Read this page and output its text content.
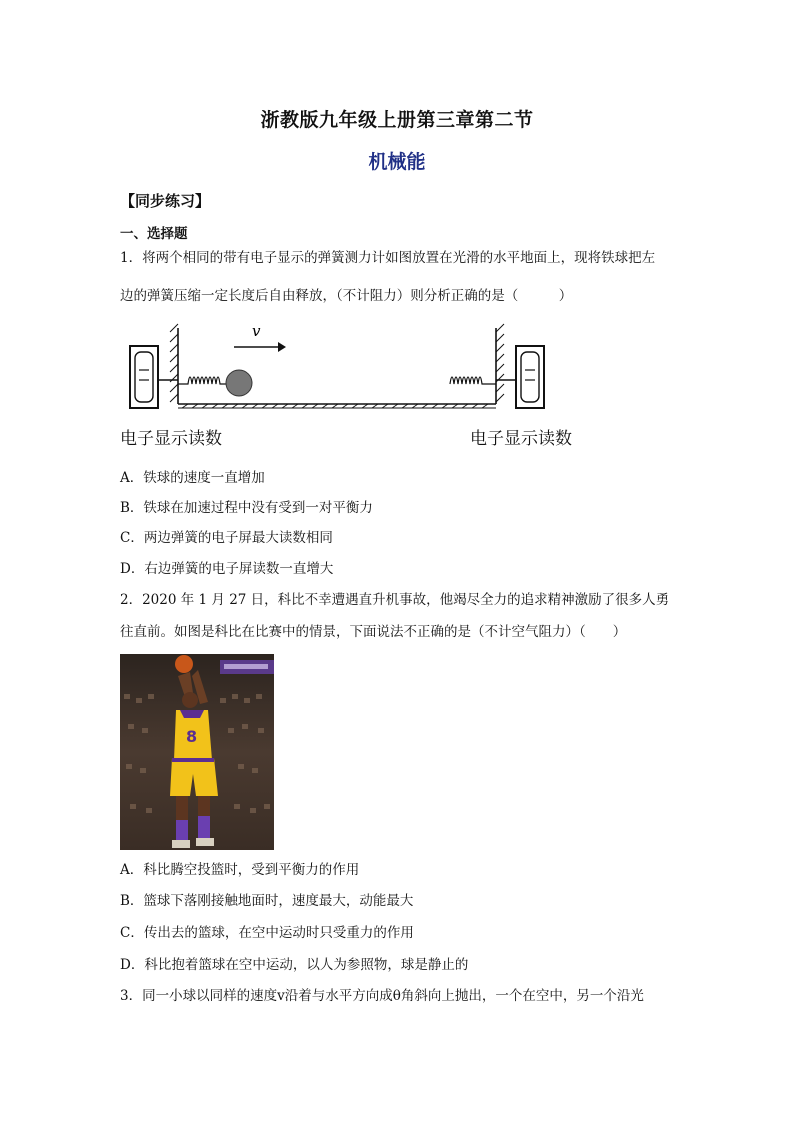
浙教版九年级上册第三章第二节
机械能
【同步练习】
一、选择题
1．将两个相同的带有电子显示的弹簧测力计如图放置在光滑的水平地面上，现将铁球把左
边的弹簧压缩一定长度后自由释放，（不计阻力）则分析正确的是（　　　）
v
电子显示读数	电子显示读数
A．铁球的速度一直增加
B．铁球在加速过程中没有受到一对平衡力
C．两边弹簧的电子屏最大读数相同
D．右边弹簧的电子屏读数一直增大
2．2020 年 1 月 27 日，科比不幸遭遇直升机事故，他竭尽全力的追求精神激励了很多人勇
往直前。如图是科比在比赛中的情景，下面说法不正确的是（不计空气阻力）（　　）
8
A．科比腾空投篮时，受到平衡力的作用
B．篮球下落刚接触地面时，速度最大，动能最大
C．传出去的篮球，在空中运动时只受重力的作用
D．科比抱着篮球在空中运动，以人为参照物，球是静止的
3．同一小球以同样的速度v沿着与水平方向成θ角斜向上抛出，一个在空中，另一个沿光
